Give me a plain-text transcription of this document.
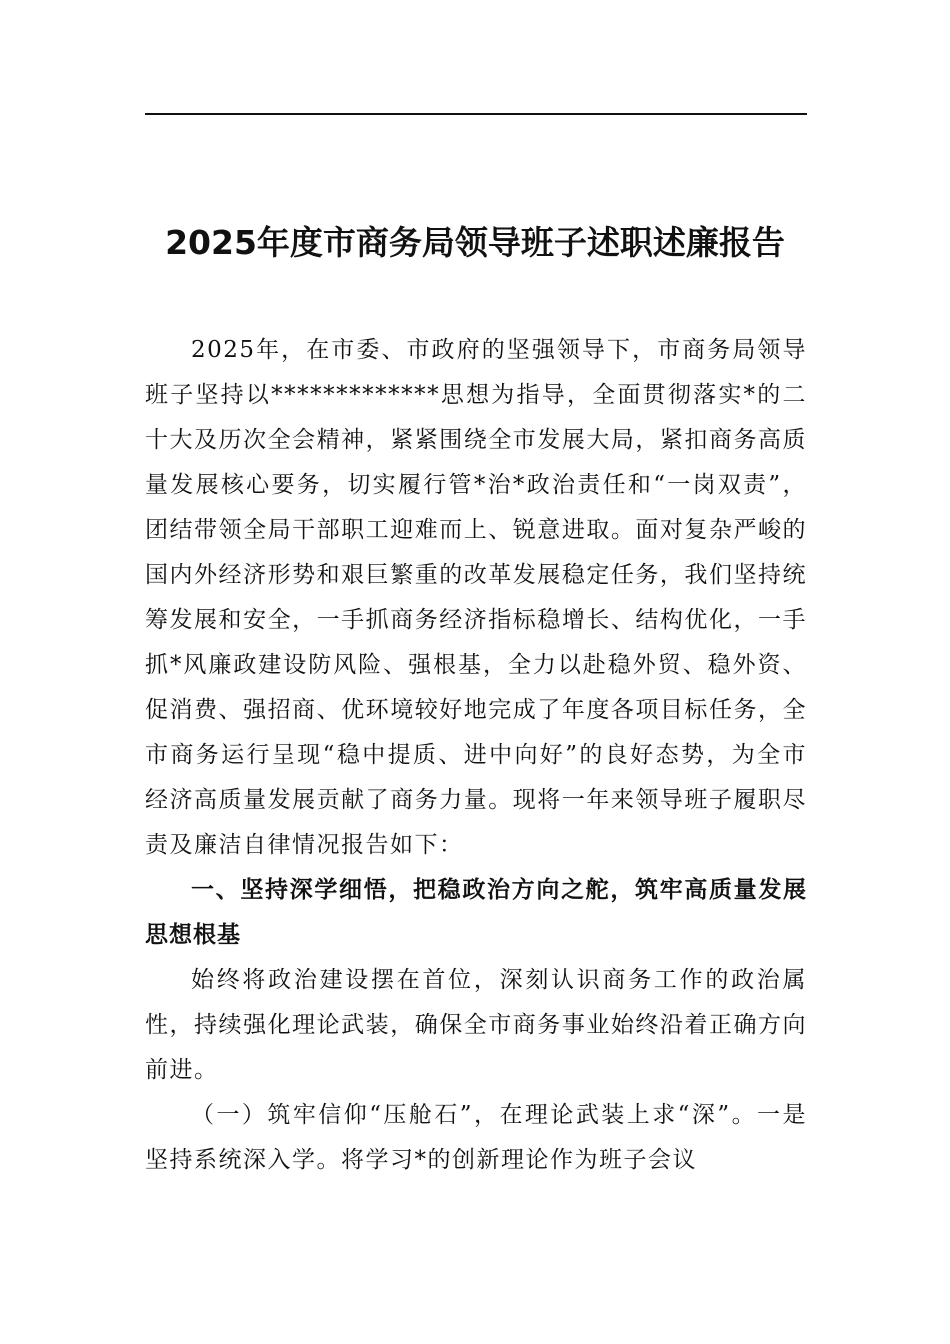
2025年度市商务局领导班子述职述廉报告

2025年，在市委、市政府的坚强领导下，市商务局领导班子坚持以*************思想为指导，全面贯彻落实*的二十大及历次全会精神，紧紧围绕全市发展大局，紧扣商务高质量发展核心要务，切实履行管*治*政治责任和“一岗双责”，团结带领全局干部职工迎难而上、锐意进取。面对复杂严峻的国内外经济形势和艰巨繁重的改革发展稳定任务，我们坚持统筹发展和安全，一手抓商务经济指标稳增长、结构优化，一手抓*风廉政建设防风险、强根基，全力以赴稳外贸、稳外资、促消费、强招商、优环境较好地完成了年度各项目标任务，全市商务运行呈现“稳中提质、进中向好”的良好态势，为全市经济高质量发展贡献了商务力量。现将一年来领导班子履职尽责及廉洁自律情况报告如下：

一、坚持深学细悟，把稳政治方向之舵，筑牢高质量发展思想根基

始终将政治建设摆在首位，深刻认识商务工作的政治属性，持续强化理论武装，确保全市商务事业始终沿着正确方向前进。

（一）筑牢信仰“压舱石”，在理论武装上求“深”。一是坚持系统深入学。将学习*的创新理论作为班子会议
